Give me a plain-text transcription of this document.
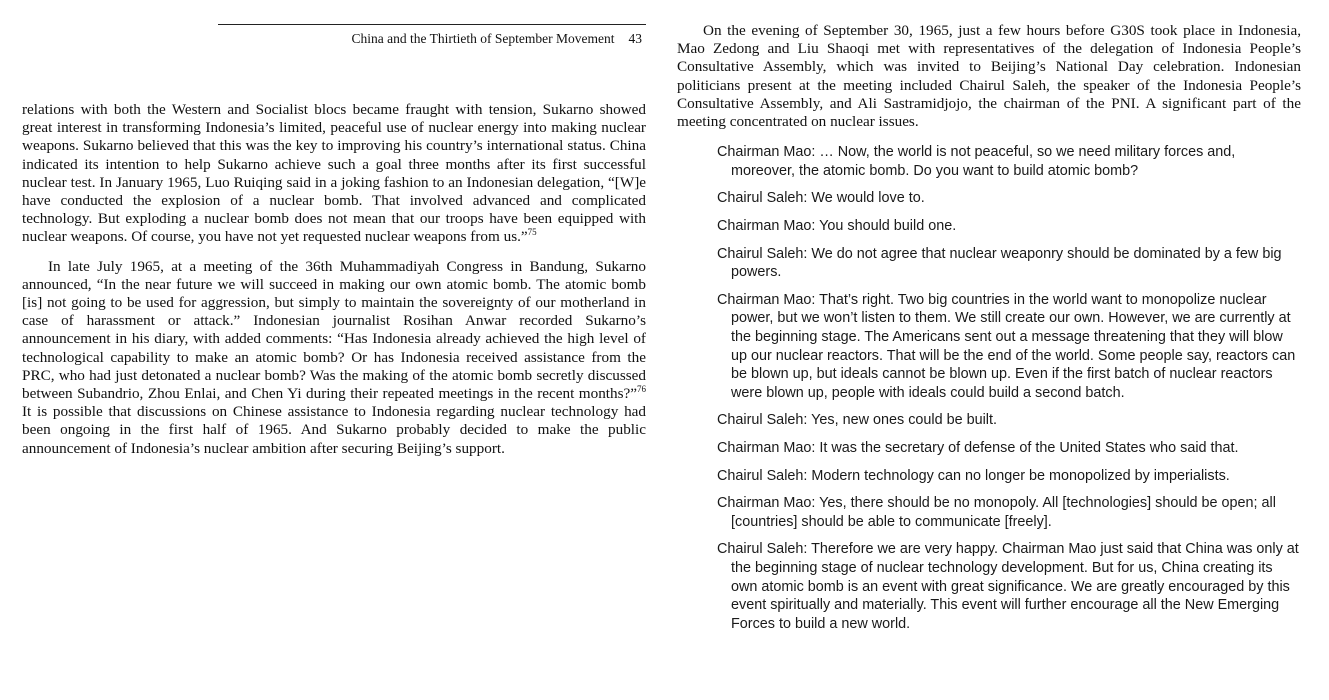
China and the Thirtieth of September Movement 43

relations with both the Western and Socialist blocs became fraught with tension, Sukarno showed great interest in transforming Indonesia’s limited, peaceful use of nuclear energy into making nuclear weapons. Sukarno believed that this was the key to improving his country’s international status. China indicated its intention to help Sukarno achieve such a goal three months after its first successful nuclear test. In January 1965, Luo Ruiqing said in a joking fashion to an Indonesian delegation, “[W]e have conducted the explosion of a nuclear bomb. That involved advanced and complicated technology. But exploding a nuclear bomb does not mean that our troops have been equipped with nuclear weapons. Of course, you have not yet requested nuclear weapons from us.”$^{75}$

In late July 1965, at a meeting of the 36th Muhammadiyah Congress in Bandung, Sukarno announced, “In the near future we will succeed in making our own atomic bomb. The atomic bomb [is] not going to be used for aggression, but simply to maintain the sovereignty of our motherland in case of harassment or attack.” Indonesian journalist Rosihan Anwar recorded Sukarno’s announcement in his diary, with added comments: “Has Indonesia already achieved the high level of technological capability to make an atomic bomb? Or has Indonesia received assistance from the PRC, who had just detonated a nuclear bomb? Was the making of the atomic bomb secretly discussed between Subandrio, Zhou Enlai, and Chen Yi during their repeated meetings in the recent months?”$^{76}$ It is possible that discussions on Chinese assistance to Indonesia regarding nuclear technology had been ongoing in the first half of 1965. And Sukarno probably decided to make the public announcement of Indonesia’s nuclear ambition after securing Beijing’s support.

On the evening of September 30, 1965, just a few hours before G30S took place in Indonesia, Mao Zedong and Liu Shaoqi met with representatives of the delegation of Indonesia People’s Consultative Assembly, which was invited to Beijing’s National Day celebration. Indonesian politicians present at the meeting included Chairul Saleh, the speaker of the Indonesia People’s Consultative Assembly, and Ali Sastramidjojo, the chairman of the PNI. A significant part of the meeting concentrated on nuclear issues.

Chairman Mao: … Now, the world is not peaceful, so we need military forces and, moreover, the atomic bomb. Do you want to build atomic bomb?
Chairul Saleh: We would love to.
Chairman Mao: You should build one.
Chairul Saleh: We do not agree that nuclear weaponry should be dominated by a few big powers.
Chairman Mao: That’s right. Two big countries in the world want to monopolize nuclear power, but we won’t listen to them. We still create our own. However, we are currently at the beginning stage. The Americans sent out a message threatening that they will blow up our nuclear reactors. That will be the end of the world. Some people say, reactors can be blown up, but ideals cannot be blown up. Even if the first batch of nuclear reactors were blown up, people with ideals could build a second batch.
Chairul Saleh: Yes, new ones could be built.
Chairman Mao: It was the secretary of defense of the United States who said that.
Chairul Saleh: Modern technology can no longer be monopolized by imperialists.
Chairman Mao: Yes, there should be no monopoly. All [technologies] should be open; all [countries] should be able to communicate [freely].
Chairul Saleh: Therefore we are very happy. Chairman Mao just said that China was only at the beginning stage of nuclear technology development. But for us, China creating its own atomic bomb is an event with great significance. We are greatly encouraged by this event spiritually and materially. This event will further encourage all the New Emerging Forces to build a new world.
